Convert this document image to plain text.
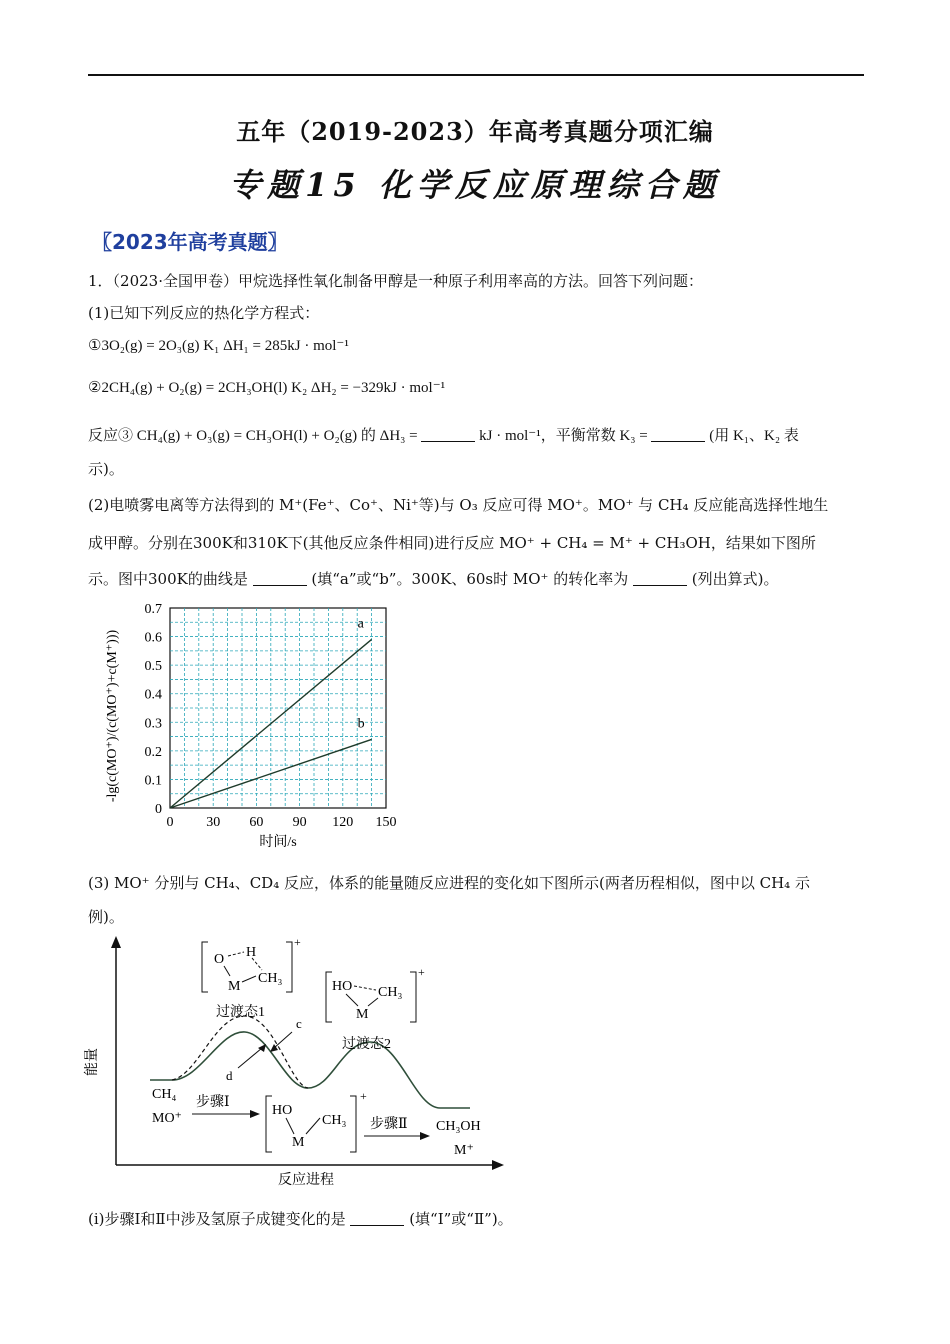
五年（2019-2023）年高考真题分项汇编
专题15 化学反应原理综合题
〖2023年高考真题〗
1．（2023·全国甲卷）甲烷选择性氧化制备甲醇是一种原子利用率高的方法。回答下列问题：
(1)已知下列反应的热化学方程式：
①3O₂(g) = 2O₃(g) K₁ ΔH₁ = 285kJ · mol⁻¹
②2CH₄(g) + O₂(g) = 2CH₃OH(l) K₂ ΔH₂ = −329kJ · mol⁻¹
反应③ CH₄(g) + O₃(g) = CH₃OH(l) + O₂(g) 的 ΔH₃ =	kJ · mol⁻¹，平衡常数 K₃ =	(用 K₁、K₂ 表
示)。
(2)电喷雾电离等方法得到的 M⁺(Fe⁺、Co⁺、Ni⁺等)与 O₃ 反应可得 MO⁺。MO⁺ 与 CH₄ 反应能高选择性地生
成甲醇。分别在300K和310K下(其他反应条件相同)进行反应 MO⁺ + CH₄ = M⁺ + CH₃OH，结果如下图所
示。图中300K的曲线是	(填“a”或“b”。300K、60s时 MO⁺ 的转化率为	(列出算式)。
0 30 60 90 120 150
0
0.1
0.2
0.3
0.4
0.5
0.6
0.7
a
b
时间/s
-lg(c(MO⁺)/(c(MO⁺)+c(M⁺)))
(3) MO⁺ 分别与 CH₄、CD₄ 反应，体系的能量随反应进程的变化如下图所示(两者历程相似，图中以 CH₄ 示
例)。
能量
反应进程
c
d
CH₄
MO⁺
步骤Ⅰ	+
HO
CH₃
M
步骤Ⅱ CH₃OH
M⁺
+
O H
M
CH₃
过渡态1
+
HO CH₃
M
过渡态2
(ⅰ)步骤Ⅰ和Ⅱ中涉及氢原子成键变化的是	(填“Ⅰ”或“Ⅱ”)。
